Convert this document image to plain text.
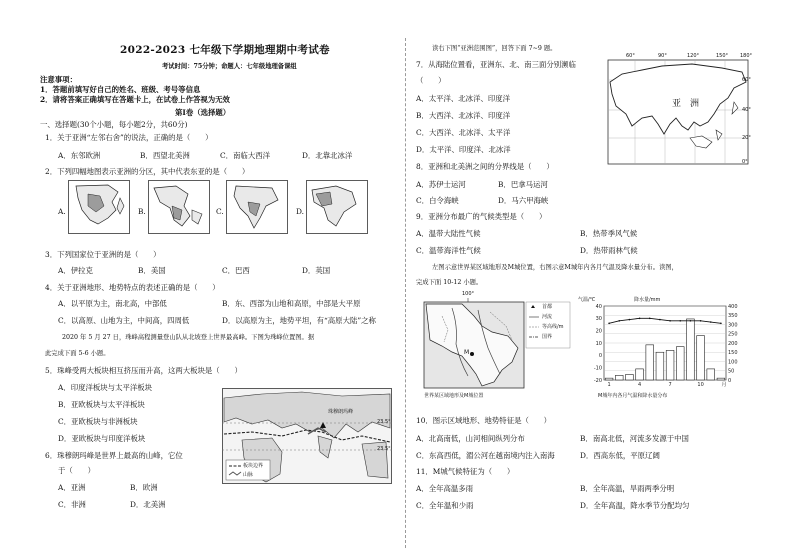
2022-2023 七年级下学期地理期中考试卷
考试时间：75分钟；命题人：七年级地理备课组
注意事项：
1．答题前填写好自己的姓名、班级、考号等信息
2．请将答案正确填写在答题卡上，在试卷上作答视为无效
第Ⅰ卷（选择题）
一、选择题(30个小题，每小题2分，共60分)
1．关于亚洲“左邻右舍”的说法，正确的是（　　）
A．东邻欧洲	B．西望北美洲	C．南临大西洋	D．北靠北冰洋
2．下列四幅地图表示亚洲的分区，其中代表东亚的是（　　）
A.	B.	C.	D.
3．下列国家位于亚洲的是（　　）
A．伊拉克	B．美国	C．巴西	D．英国
4．关于亚洲地形、地势特点的表述正确的是（　　）
A．以平原为主，南北高，中部低	B．东、西部为山地和高原，中部是大平原
C．以高原、山地为主，中间高，四周低	D．以高原为主，地势平坦，有“高原大陆”之称
2020 年 5 月 27 日，珠峰高程测量登山队从北坡登上世界最高峰。下图为珠峰位置图。据
此完成下面 5-6 小题。
5．珠峰受两大板块相互挤压而升高，这两大板块是（　　）
A．印度洋板块与太平洋板块
B．亚欧板块与太平洋板块
C．亚欧板块与非洲板块
D．亚欧板块与印度洋板块
6．珠穆朗玛峰是世界上最高的山峰，它位
于（　　）
A．亚洲	B．欧洲
C．非洲	D．北美洲
珠穆朗玛峰
23.5°
23.5°
板块边界
山脉
读右下图“亚洲范围图”，回答下面 7~9 题。
7．从海陆位置看，亚洲东、北、南三面分别濒临
（　　）
A．太平洋、北冰洋、印度洋
B．大西洋、北冰洋、印度洋
C．大西洋、北冰洋、太平洋
D．太平洋、印度洋、北冰洋
亚　洲
60°	90°	120°	150° 180°
60°
40°
20°
0°
8．亚洲和北美洲之间的分界线是（　　）
A．苏伊士运河	B．巴拿马运河
C．白令海峡	D．马六甲海峡
9．亚洲分布最广的气候类型是（　　）
A．温带大陆性气候	B．热带季风气候
C．温带海洋性气候	D．热带雨林气候
左图示意世界某区域地形及M城位置，右图示意M城年内各月气温及降水量分布。读图，
完成下面 10-12 小题。
100°
M
首都
河流
等高线/m
国界
世界某区域地形及M城位置
400
350
300
250
200
150
100
50
0
40
30
20
10
0
-10
-20
1	4	7	10	月
气温/℃	降水量/mm
M城年内各月气温和降水量分布
10．图示区域地形、地势特征是（　　）
A．北高南低，山河相间纵列分布	B．南高北低，河流多发源于中国
C．东高西低，湄公河在越南境内注入南海	D．西高东低，平原辽阔
11．M城气候特征为（　　）
A．全年高温多雨	B．全年高温，旱雨两季分明
C．全年温和少雨	D．全年高温，降水季节分配均匀
